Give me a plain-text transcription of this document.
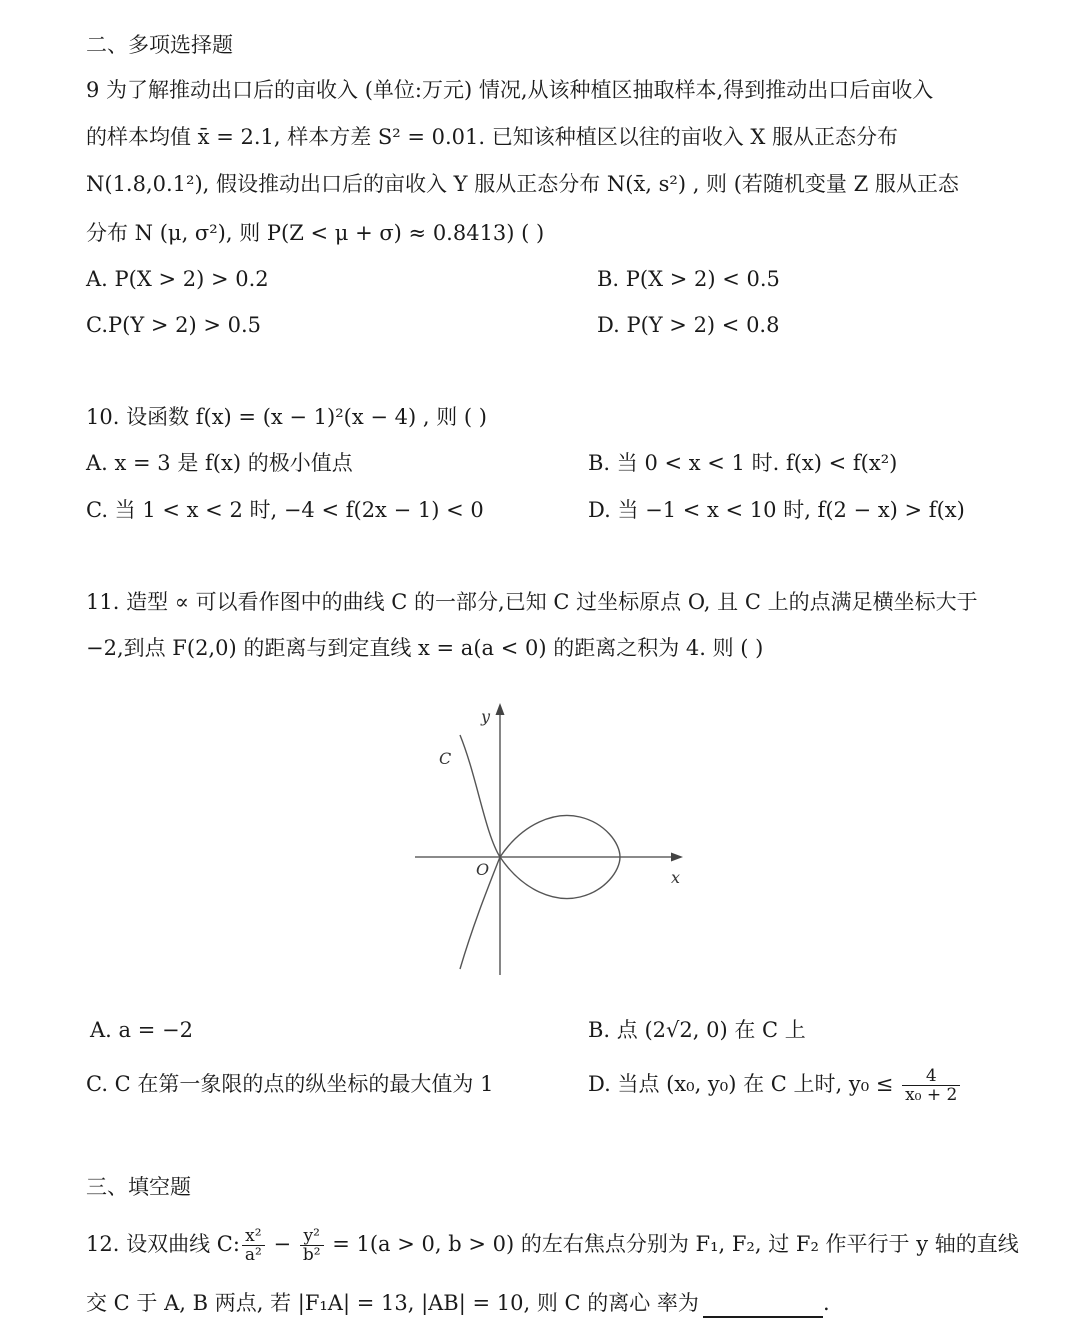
二、多项选择题
9 为了解推动出口后的亩收入 (单位:万元) 情况,从该种植区抽取样本,得到推动出口后亩收入
的样本均值 x̄ = 2.1, 样本方差 S² = 0.01. 已知该种植区以往的亩收入 X 服从正态分布
N(1.8,0.1²), 假设推动出口后的亩收入 Y 服从正态分布 N(x̄, s²) , 则 (若随机变量 Z 服从正态
分布 N (μ, σ²), 则 P(Z < μ + σ) ≈ 0.8413) ( )
A. P(X > 2) > 0.2	B. P(X > 2) < 0.5
C.P(Y > 2) > 0.5	D. P(Y > 2) < 0.8
10. 设函数 f(x) = (x − 1)²(x − 4) , 则 ( )
A. x = 3 是 f(x) 的极小值点	B. 当 0 < x < 1 时. f(x) < f(x²)
C. 当 1 < x < 2 时, −4 < f(2x − 1) < 0	D. 当 −1 < x < 10 时, f(2 − x) > f(x)
11. 造型 ∝ 可以看作图中的曲线 C 的一部分,已知 C 过坐标原点 O, 且 C 上的点满足横坐标大于
−2,到点 F(2,0) 的距离与到定直线 x = a(a < 0) 的距离之积为 4. 则 ( )
y
x
O
C
A. a = −2	B. 点 (2√2, 0) 在 C 上
C. C 在第一象限的点的纵坐标的最大值为 1	D. 当点 (x₀, y₀) 在 C 上时, $y_0 \le \frac{4}{\text{x₀ + 2}}$
三、填空题
12. 设双曲线 C: $\frac{\text{x²}}{\text{a²}} - \frac{\text{y²}}{\text{b²}} = 1(a > 0$, b > 0) 的左右焦点分别为 F₁, F₂, 过 F₂ 作平行于 y 轴的直线
交 C 于 A, B 两点, 若 |F₁A| = 13, |AB| = 10, 则 C 的离心 率为	.
